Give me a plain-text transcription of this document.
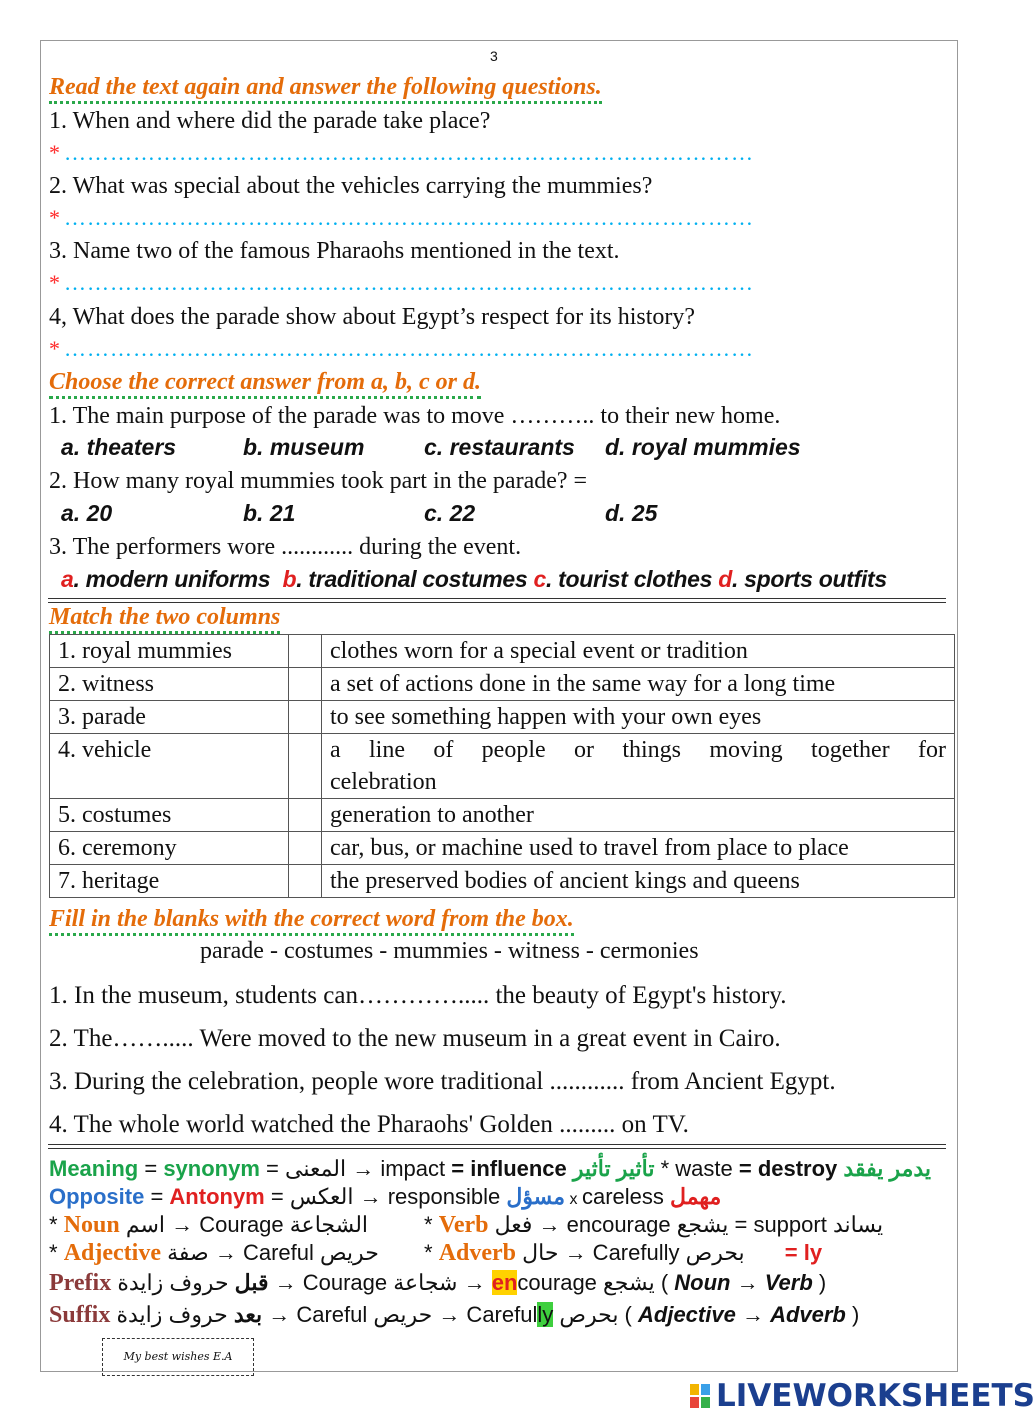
3
Read the text again and answer the following questions.
1. When and where did the parade take place?
* ………………………………………………………………………………
2. What was special about the vehicles carrying the mummies?
* ………………………………………………………………………………
3. Name two of the famous Pharaohs mentioned in the text.
* ………………………………………………………………………………
4, What does the parade show about Egypt’s respect for its history?
* ………………………………………………………………………………
Choose the correct answer from a, b, c or d.
1. The main purpose of the parade was to move ……….. to their new home.
a. theaters	b. museum	c. restaurants d. royal mummies
2. How many royal mummies took part in the parade? =
a. 20	b. 21	c. 22	d. 25
3. The performers wore ............ during the event.
a. modern uniforms b. traditional costumes c. tourist clothes d. sports outfits
Match the two columns
1. royal mummies		clothes worn for a special event or tradition
2. witness		a set of actions done in the same way for a long time
3. parade		to see something happen with your own eyes
4. vehicle		a line of people or things moving together for celebration
5. costumes		generation to another
6. ceremony		car, bus, or machine used to travel from place to place
7. heritage		the preserved bodies of ancient kings and queens
Fill in the blanks with the correct word from the box.
parade - costumes - mummies - witness - cermonies
1. In the museum, students can…………..... the beauty of Egypt's history.
2. The……..... Were moved to the new museum in a great event in Cairo.
3. During the celebration, people wore traditional ............ from Ancient Egypt.
4. The whole world watched the Pharaohs' Golden ......... on TV.
Meaning = synonym = المعنى → impact = influence تأثير تأثير * waste = destroy يدمر يفقد
Opposite = Antonym = العكس → responsible مسؤل x careless مهمل
* Noun اسم → Courage الشجاعة	* Verb فعل → encourage يشجع = support يساند
* Adjective صفة → Careful حريص * Adverb حال → Carefully بحرص = ly
Prefix قبل حروف زايدة → Courage شجاعة → encourage يشجع ( Noun → Verb )
Suffix بعد حروف زايدة → Careful حريص → Carefully بحرص ( Adjective → Adverb )
My best wishes E.A
LIVEWORKSHEETS
